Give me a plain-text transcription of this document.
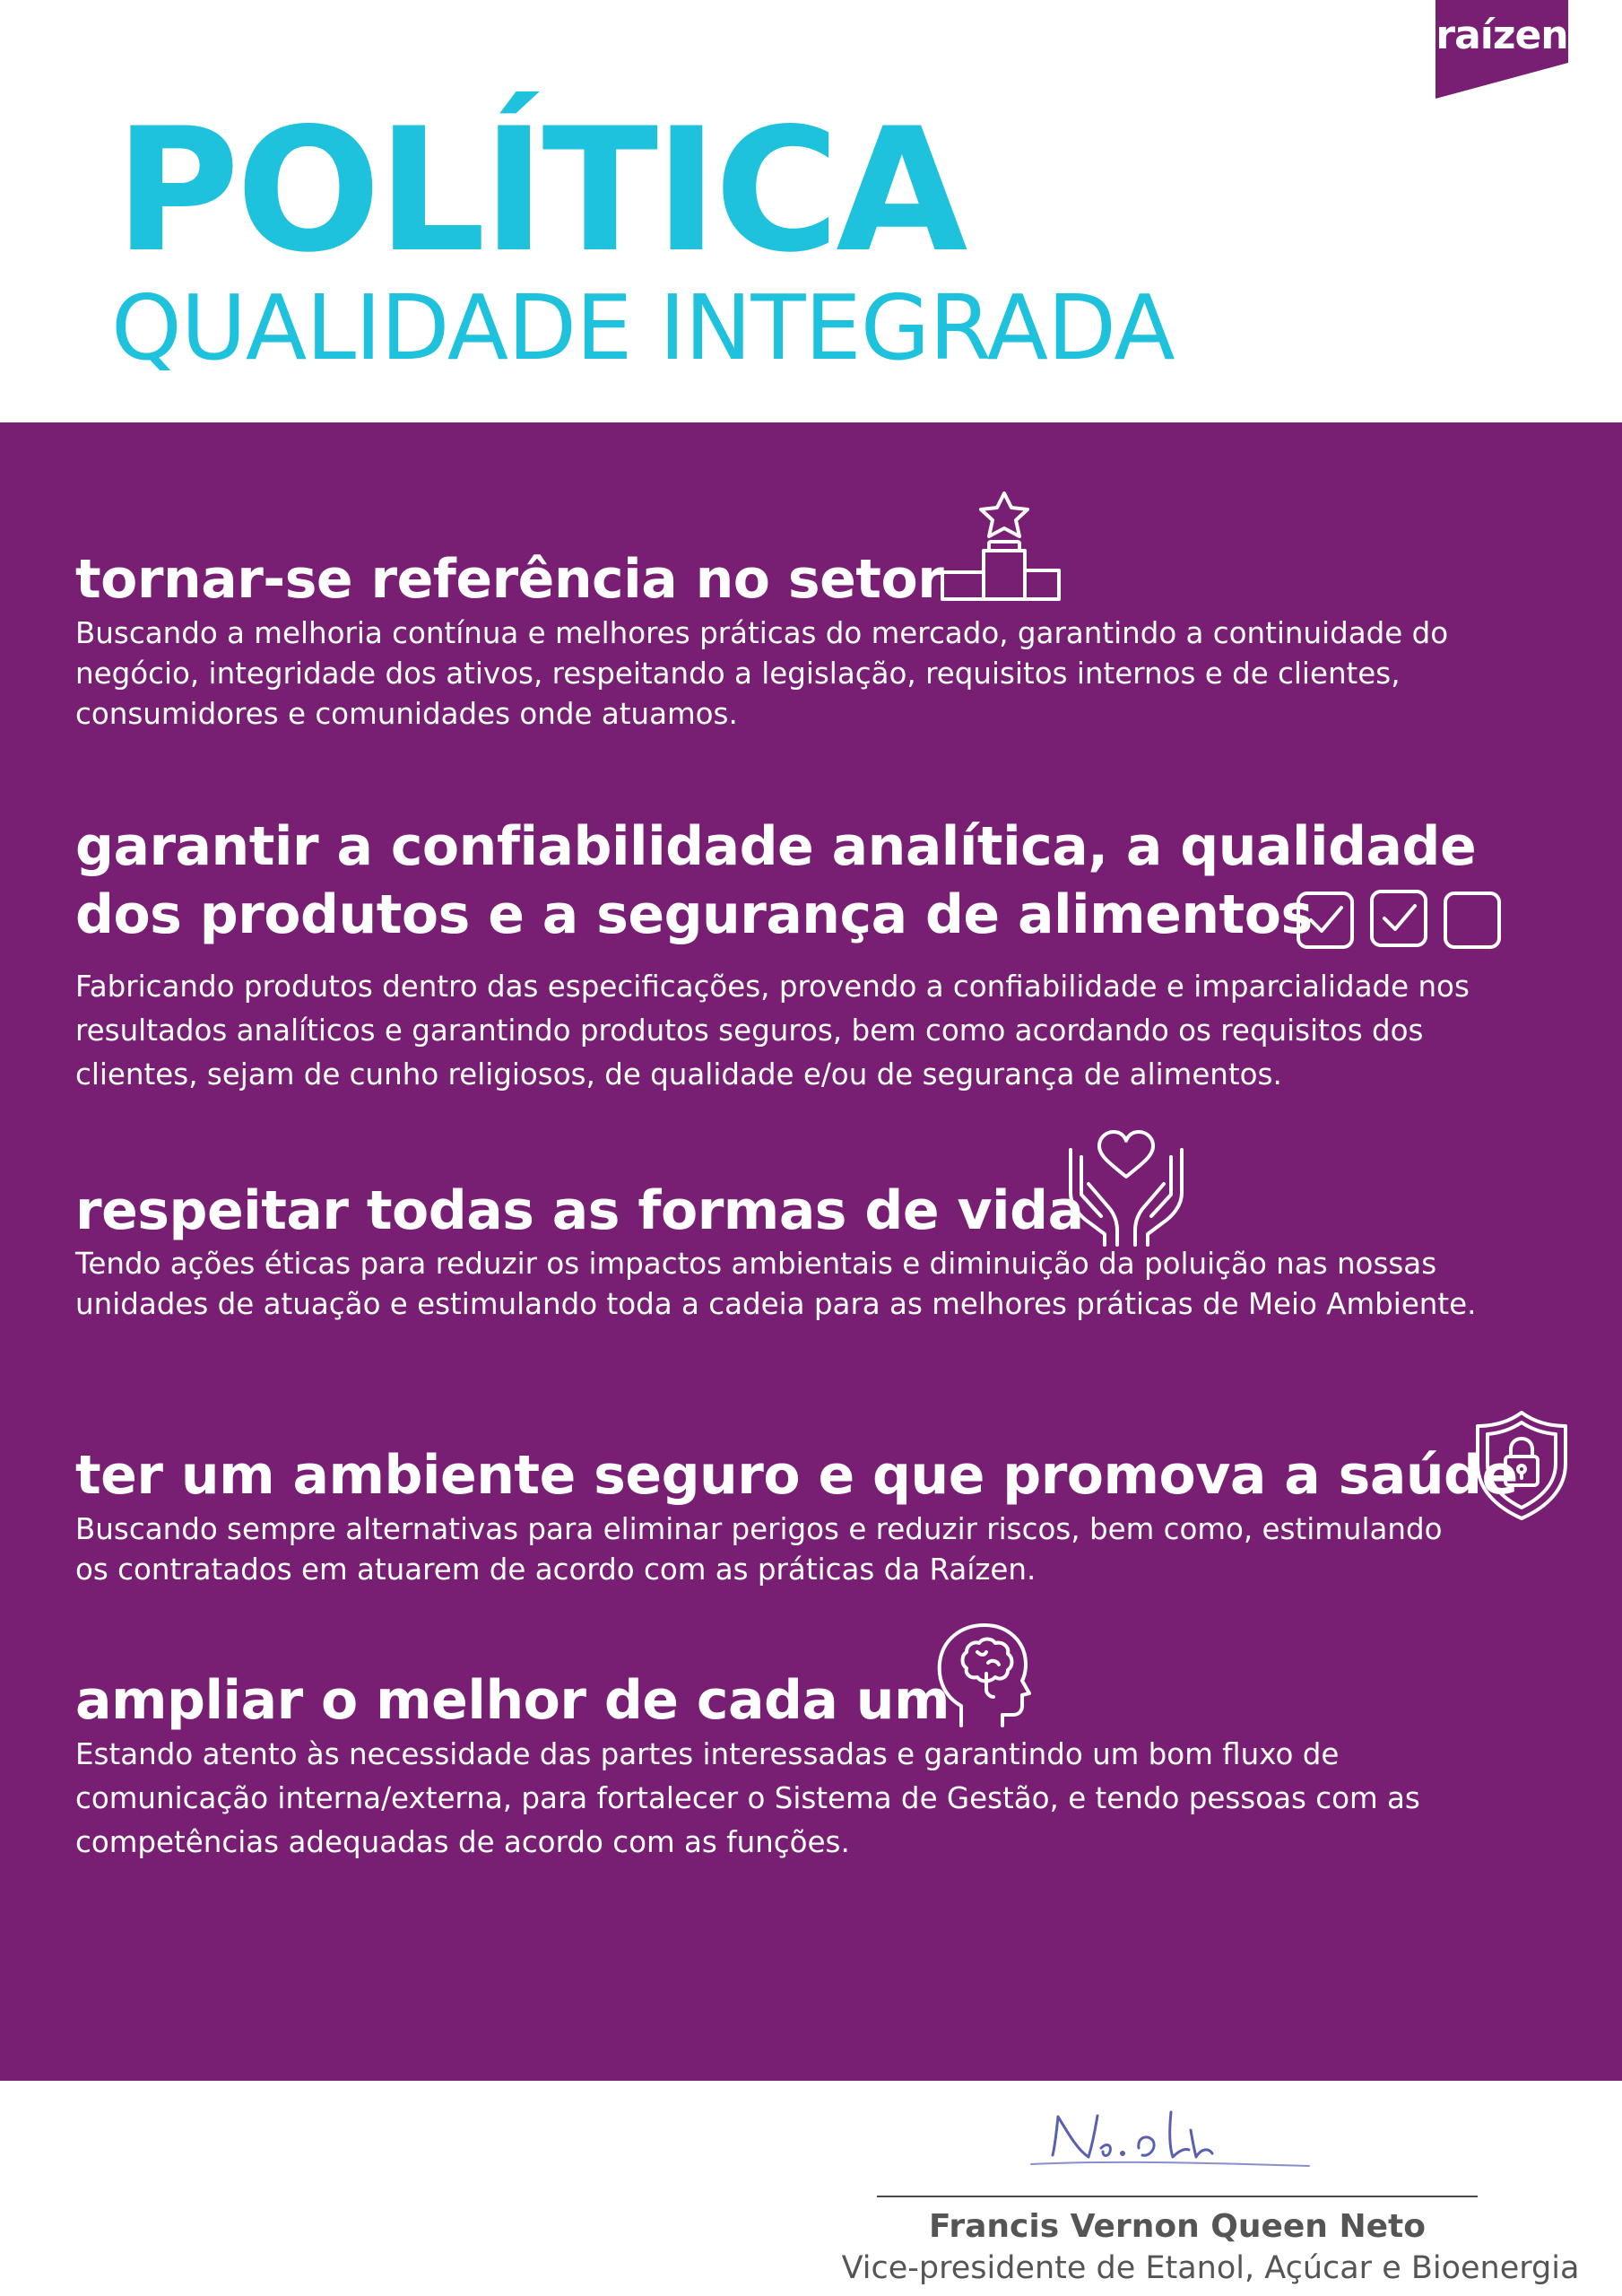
raízen
POLÍTICA
QUALIDADE INTEGRADA
tornar-se referência no setor
Buscando a melhoria contínua e melhores práticas do mercado, garantindo a continuidade do
negócio, integridade dos ativos, respeitando a legislação, requisitos internos e de clientes,
consumidores e comunidades onde atuamos.
garantir a confiabilidade analítica, a qualidade
dos produtos e a segurança de alimentos
Fabricando produtos dentro das especificações, provendo a confiabilidade e imparcialidade nos
resultados analíticos e garantindo produtos seguros, bem como acordando os requisitos dos
clientes, sejam de cunho religiosos, de qualidade e/ou de segurança de alimentos.
respeitar todas as formas de vida
Tendo ações éticas para reduzir os impactos ambientais e diminuição da poluição nas nossas
unidades de atuação e estimulando toda a cadeia para as melhores práticas de Meio Ambiente.
ter um ambiente seguro e que promova a saúde
Buscando sempre alternativas para eliminar perigos e reduzir riscos, bem como, estimulando
os contratados em atuarem de acordo com as práticas da Raízen.
ampliar o melhor de cada um
Estando atento às necessidade das partes interessadas e garantindo um bom fluxo de
comunicação interna/externa, para fortalecer o Sistema de Gestão, e tendo pessoas com as
competências adequadas de acordo com as funções.
Francis Vernon Queen Neto
Vice-presidente de Etanol, Açúcar e Bioenergia
